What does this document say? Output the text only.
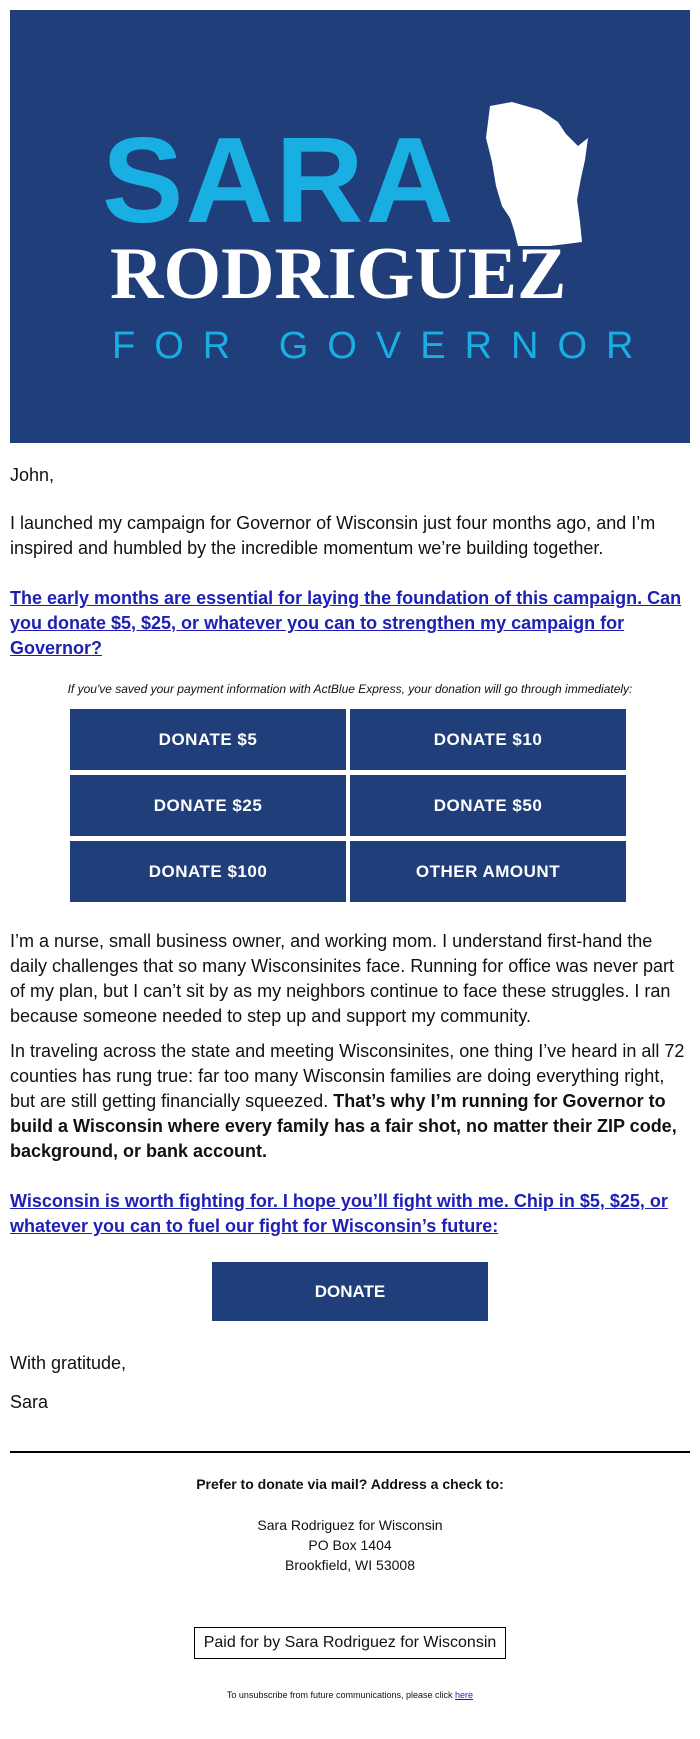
SARA
RODRIGUEZ
FOR GOVERNOR

John,

I launched my campaign for Governor of Wisconsin just four months ago, and I’m inspired and humbled by the incredible momentum we’re building together.

The early months are essential for laying the foundation of this campaign. Can you donate $5, $25, or whatever you can to strengthen my campaign for Governor?

If you've saved your payment information with ActBlue Express, your donation will go through immediately:

DONATE $5	DONATE $10
DONATE $25	DONATE $50
DONATE $100	OTHER AMOUNT

I’m a nurse, small business owner, and working mom. I understand first-hand the daily challenges that so many Wisconsinites face. Running for office was never part of my plan, but I can’t sit by as my neighbors continue to face these struggles. I ran because someone needed to step up and support my community.

In traveling across the state and meeting Wisconsinites, one thing I’ve heard in all 72 counties has rung true: far too many Wisconsin families are doing everything right, but are still getting financially squeezed. That’s why I’m running for Governor to build a Wisconsin where every family has a fair shot, no matter their ZIP code, background, or bank account.

Wisconsin is worth fighting for. I hope you’ll fight with me. Chip in $5, $25, or whatever you can to fuel our fight for Wisconsin’s future:
DONATE

With gratitude,

Sara

Prefer to donate via mail? Address a check to:
Sara Rodriguez for Wisconsin
PO Box 1404
Brookfield, WI 53008
Paid for by Sara Rodriguez for Wisconsin
To unsubscribe from future communications, please click here
